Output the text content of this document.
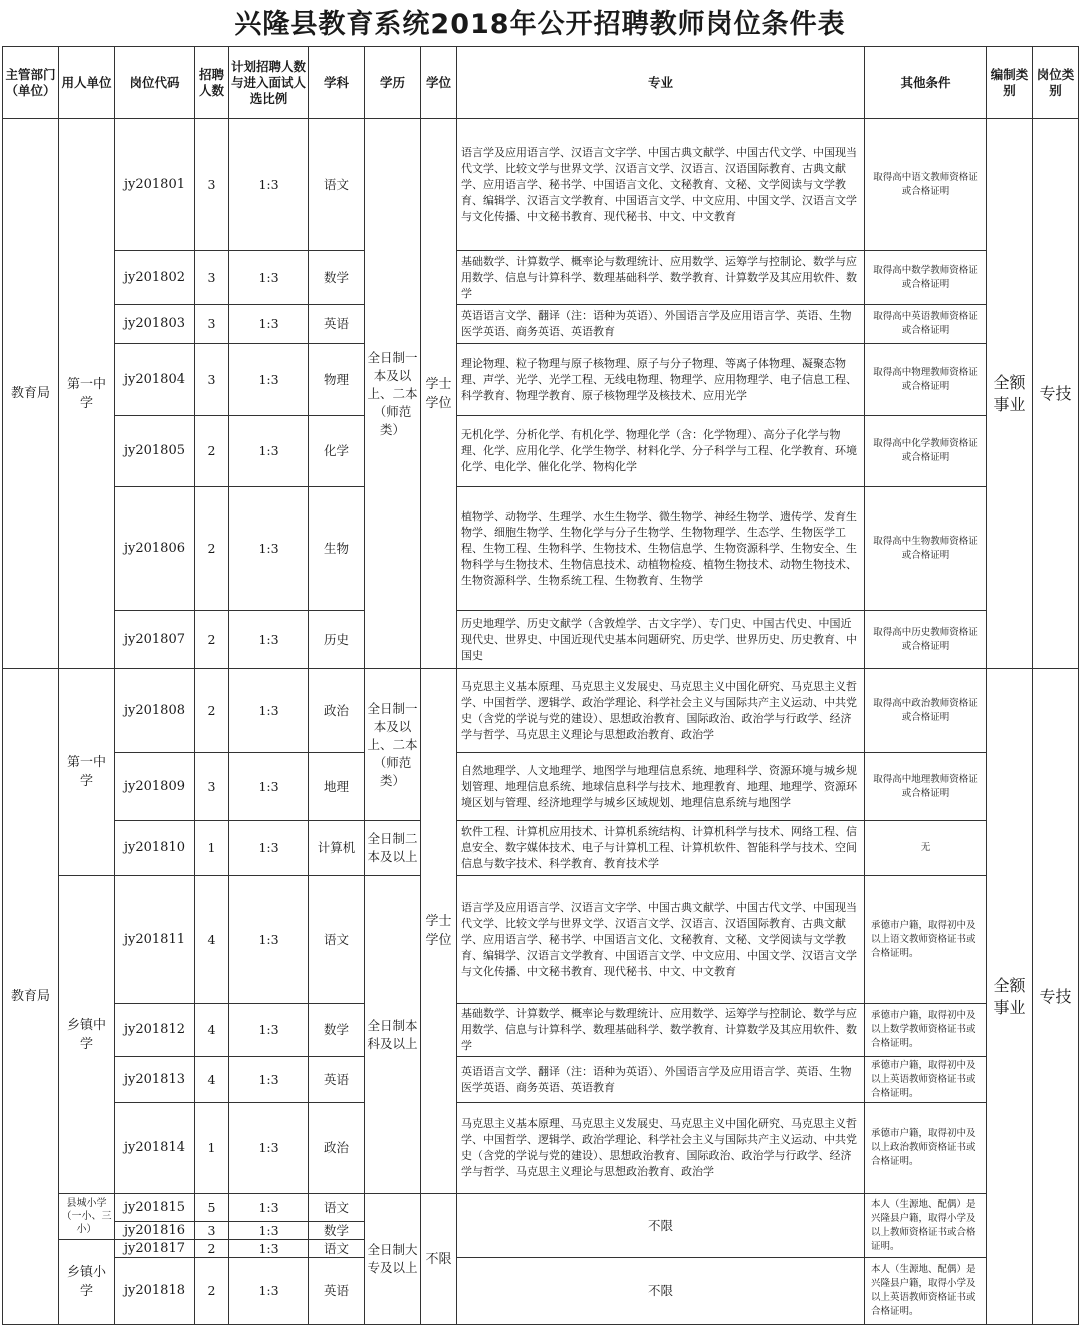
兴隆县教育系统2018年公开招聘教师岗位条件表
主管部门（单位）	用人单位	岗位代码	招聘人数	计划招聘人数与进入面试人选比例	学科	学历	学位	专业	其他条件	编制类别	岗位类别
教育局	第一中学	jy201801	3	1:3	语文	全日制一本及以上、二本（师范类）	学士学位	语言学及应用语言学、汉语言文字学、中国古典文献学、中国古代文学、中国现当代文学、比较文学与世界文学、汉语言文学、汉语言、汉语国际教育、古典文献学、应用语言学、秘书学、中国语言文化、文秘教育、文秘、文学阅读与文学教育、编辑学、汉语言文学教育、中国语言文学、中文应用、中国文学、汉语言文学与文化传播、中文秘书教育、现代秘书、中文、中文教育	取得高中语文教师资格证或合格证明	全额事业	专技
		jy201802	3	1:3	数学			基础数学、计算数学、概率论与数理统计、应用数学、运筹学与控制论、数学与应用数学、信息与计算科学、数理基础科学、数学教育、计算数学及其应用软件、数学	取得高中数学教师资格证或合格证明		
		jy201803	3	1:3	英语			英语语言文学、翻译（注：语种为英语）、外国语言学及应用语言学、英语、生物医学英语、商务英语、英语教育	取得高中英语教师资格证或合格证明		
		jy201804	3	1:3	物理			理论物理、粒子物理与原子核物理、原子与分子物理、等离子体物理、凝聚态物理、声学、光学、光学工程、无线电物理、物理学、应用物理学、电子信息工程、科学教育、物理学教育、原子核物理学及核技术、应用光学	取得高中物理教师资格证或合格证明		
		jy201805	2	1:3	化学			无机化学、分析化学、有机化学、物理化学（含：化学物理）、高分子化学与物理、化学、应用化学、化学生物学、材料化学、分子科学与工程、化学教育、环境化学、电化学、催化化学、物构化学	取得高中化学教师资格证或合格证明		
		jy201806	2	1:3	生物			植物学、动物学、生理学、水生生物学、微生物学、神经生物学、遗传学、发育生物学、细胞生物学、生物化学与分子生物学、生物物理学、生态学、生物医学工程、生物工程、生物科学、生物技术、生物信息学、生物资源科学、生物安全、生物科学与生物技术、生物信息技术、动植物检疫、植物生物技术、动物生物技术、生物资源科学、生物系统工程、生物教育、生物学	取得高中生物教师资格证或合格证明		
		jy201807	2	1:3	历史			历史地理学、历史文献学（含敦煌学、古文字学）、专门史、中国古代史、中国近现代史、世界史、中国近现代史基本问题研究、历史学、世界历史、历史教育、中国史	取得高中历史教师资格证或合格证明		
教育局	第一中学	jy201808	2	1:3	政治	全日制一本及以上、二本（师范类）	学士学位	马克思主义基本原理、马克思主义发展史、马克思主义中国化研究、马克思主义哲学、中国哲学、逻辑学、政治学理论、科学社会主义与国际共产主义运动、中共党史（含党的学说与党的建设）、思想政治教育、国际政治、政治学与行政学、经济学与哲学、马克思主义理论与思想政治教育、政治学	取得高中政治教师资格证或合格证明	全额事业	专技
		jy201809	3	1:3	地理			自然地理学、人文地理学、地图学与地理信息系统、地理科学、资源环境与城乡规划管理、地理信息系统、地球信息科学与技术、地理教育、地理、地理学、资源环境区划与管理、经济地理学与城乡区域规划、地理信息系统与地图学	取得高中地理教师资格证或合格证明		
		jy201810	1	1:3	计算机	全日制二本及以上		软件工程、计算机应用技术、计算机系统结构、计算机科学与技术、网络工程、信息安全、数字媒体技术、电子与计算机工程、计算机软件、智能科学与技术、空间信息与数字技术、科学教育、教育技术学	无		
	乡镇中学	jy201811	4	1:3	语文	全日制本科及以上		语言学及应用语言学、汉语言文字学、中国古典文献学、中国古代文学、中国现当代文学、比较文学与世界文学、汉语言文学、汉语言、汉语国际教育、古典文献学、应用语言学、秘书学、中国语言文化、文秘教育、文秘、文学阅读与文学教育、编辑学、汉语言文学教育、中国语言文学、中文应用、中国文学、汉语言文学与文化传播、中文秘书教育、现代秘书、中文、中文教育	承德市户籍，取得初中及以上语文教师资格证书或合格证明。		
		jy201812	4	1:3	数学			基础数学、计算数学、概率论与数理统计、应用数学、运筹学与控制论、数学与应用数学、信息与计算科学、数理基础科学、数学教育、计算数学及其应用软件、数学	承德市户籍，取得初中及以上数学教师资格证书或合格证明。		
		jy201813	4	1:3	英语			英语语言文学、翻译（注：语种为英语）、外国语言学及应用语言学、英语、生物医学英语、商务英语、英语教育	承德市户籍，取得初中及以上英语教师资格证书或合格证明。		
		jy201814	1	1:3	政治			马克思主义基本原理、马克思主义发展史、马克思主义中国化研究、马克思主义哲学、中国哲学、逻辑学、政治学理论、科学社会主义与国际共产主义运动、中共党史（含党的学说与党的建设）、思想政治教育、国际政治、政治学与行政学、经济学与哲学、马克思主义理论与思想政治教育、政治学	承德市户籍，取得初中及以上政治教师资格证书或合格证明。		
	县城小学（一小、三小）	jy201815	5	1:3	语文	全日制大专及以上	不限	不限	本人（生源地、配偶）是兴隆县户籍，取得小学及以上教师资格证书或合格证明。		
		jy201816	3	1:3	数学						
	乡镇小学	jy201817	2	1:3	语文						
		jy201818	2	1:3	英语			不限	本人（生源地、配偶）是兴隆县户籍，取得小学及以上英语教师资格证书或合格证明。		
